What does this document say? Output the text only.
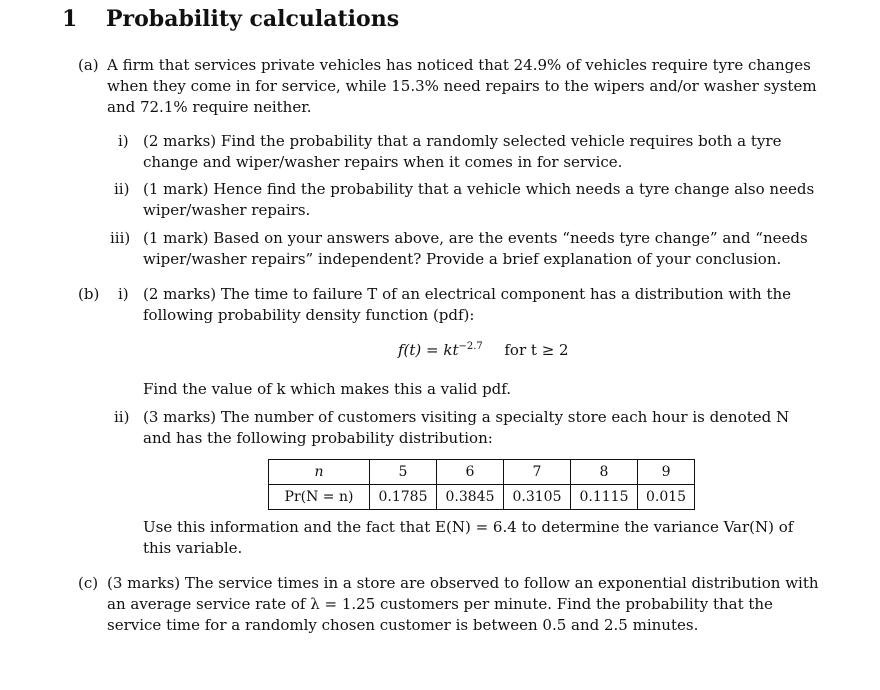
1 Probability calculations
(a) A firm that services private vehicles has noticed that 24.9% of vehicles require tyre changes when they come in for service, while 15.3% need repairs to the wipers and/or washer system and 72.1% require neither.
i) (2 marks) Find the probability that a randomly selected vehicle requires both a tyre change and wiper/washer repairs when it comes in for service.
ii) (1 mark) Hence find the probability that a vehicle which needs a tyre change also needs wiper/washer repairs.
iii) (1 mark) Based on your answers above, are the events “needs tyre change” and “needs wiper/washer repairs” independent? Provide a brief explanation of your conclusion.
(b) i) (2 marks) The time to failure T of an electrical component has a distribution with the following probability density function (pdf):
$f(t) = kt^{-2.7}$ for t ≥ 2
Find the value of k which makes this a valid pdf.
ii) (3 marks) The number of customers visiting a specialty store each hour is denoted N and has the following probability distribution:
n	5	6	7	8	9
Pr(N = n)	0.1785	0.3845	0.3105	0.1115	0.015
Use this information and the fact that E(N) = 6.4 to determine the variance Var(N) of this variable.
(c) (3 marks) The service times in a store are observed to follow an exponential distribution with an average service rate of λ = 1.25 customers per minute. Find the probability that the service time for a randomly chosen customer is between 0.5 and 2.5 minutes.
